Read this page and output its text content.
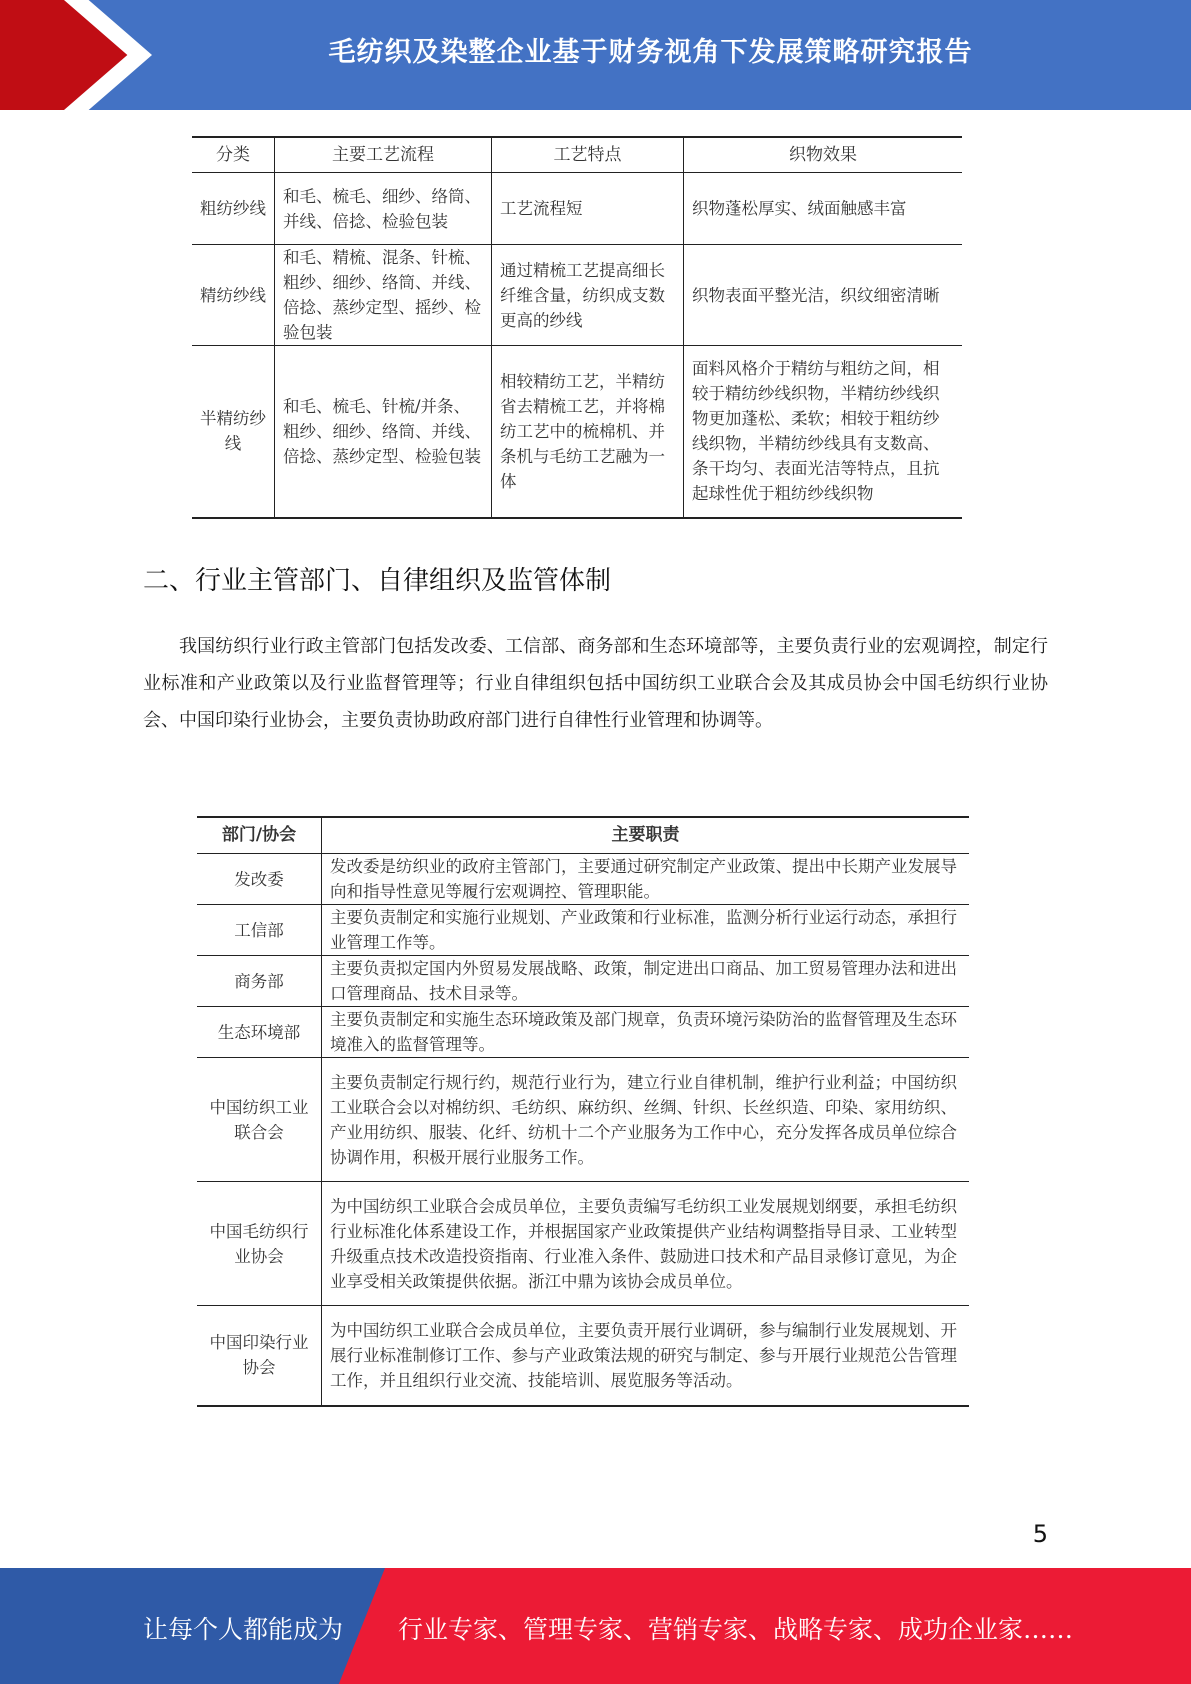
毛纺织及染整企业基于财务视角下发展策略研究报告
分类	主要工艺流程	工艺特点	织物效果
粗纺纱线	和毛、梳毛、细纱、络筒、并线、倍捻、检验包装	工艺流程短	织物蓬松厚实、绒面触感丰富
精纺纱线	和毛、精梳、混条、针梳、粗纱、细纱、络筒、并线、倍捻、蒸纱定型、摇纱、检验包装	通过精梳工艺提高细长纤维含量，纺织成支数更高的纱线	织物表面平整光洁，织纹细密清晰
半精纺纱线	和毛、梳毛、针梳/并条、粗纱、细纱、络筒、并线、倍捻、蒸纱定型、检验包装	相较精纺工艺，半精纺省去精梳工艺，并将棉纺工艺中的梳棉机、并条机与毛纺工艺融为一体	面料风格介于精纺与粗纺之间，相较于精纺纱线织物，半精纺纱线织物更加蓬松、柔软；相较于粗纺纱线织物，半精纺纱线具有支数高、条干均匀、表面光洁等特点，且抗起球性优于粗纺纱线织物
二、行业主管部门、自律组织及监管体制
我国纺织行业行政主管部门包括发改委、工信部、商务部和生态环境部等，主要负责行业的宏观调控，制定行业标准和产业政策以及行业监督管理等；行业自律组织包括中国纺织工业联合会及其成员协会中国毛纺织行业协会、中国印染行业协会，主要负责协助政府部门进行自律性行业管理和协调等。
部门/协会	主要职责
发改委	发改委是纺织业的政府主管部门，主要通过研究制定产业政策、提出中长期产业发展导向和指导性意见等履行宏观调控、管理职能。
工信部	主要负责制定和实施行业规划、产业政策和行业标准，监测分析行业运行动态，承担行业管理工作等。
商务部	主要负责拟定国内外贸易发展战略、政策，制定进出口商品、加工贸易管理办法和进出口管理商品、技术目录等。
生态环境部	主要负责制定和实施生态环境政策及部门规章，负责环境污染防治的监督管理及生态环境准入的监督管理等。
中国纺织工业联合会	主要负责制定行规行约，规范行业行为，建立行业自律机制，维护行业利益；中国纺织工业联合会以对棉纺织、毛纺织、麻纺织、丝绸、针织、长丝织造、印染、家用纺织、产业用纺织、服装、化纤、纺机十二个产业服务为工作中心，充分发挥各成员单位综合协调作用，积极开展行业服务工作。
中国毛纺织行业协会	为中国纺织工业联合会成员单位，主要负责编写毛纺织工业发展规划纲要，承担毛纺织行业标准化体系建设工作，并根据国家产业政策提供产业结构调整指导目录、工业转型升级重点技术改造投资指南、行业准入条件、鼓励进口技术和产品目录修订意见，为企业享受相关政策提供依据。浙江中鼎为该协会成员单位。
中国印染行业协会	为中国纺织工业联合会成员单位，主要负责开展行业调研，参与编制行业发展规划、开展行业标准制修订工作、参与产业政策法规的研究与制定、参与开展行业规范公告管理工作，并且组织行业交流、技能培训、展览服务等活动。
5
让每个人都能成为 行业专家、管理专家、营销专家、战略专家、成功企业家……
